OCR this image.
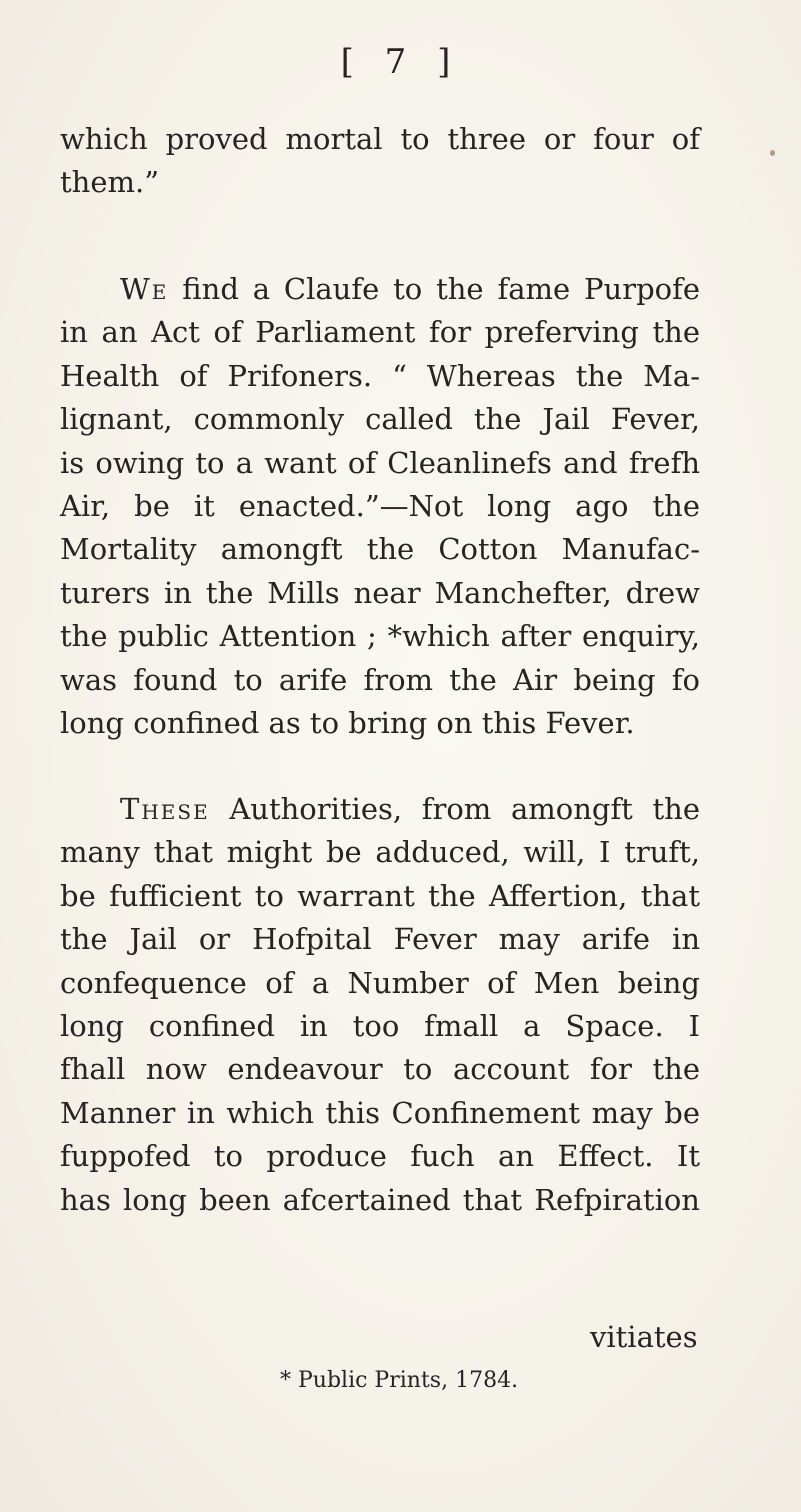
[ 7 ]
which proved mortal to three or four of
them.”
We find a Claufe to the fame Purpofe
in an Act of Parliament for preferving the
Health of Prifoners. “ Whereas the Ma-
lignant, commonly called the Jail Fever,
is owing to a want of Cleanlinefs and frefh
Air, be it enacted.”—Not long ago the
Mortality amongft the Cotton Manufac-
turers in the Mills near Manchefter, drew
the public Attention ; *which after enquiry,
was found to arife from the Air being fo
long confined as to bring on this Fever.
These Authorities, from amongft the
many that might be adduced, will, I truft,
be fufficient to warrant the Affertion, that
the Jail or Hofpital Fever may arife in
confequence of a Number of Men being
long confined in too fmall a Space. I
fhall now endeavour to account for the
Manner in which this Confinement may be
fuppofed to produce fuch an Effect. It
has long been afcertained that Refpiration
vitiates
* Public Prints, 1784.
